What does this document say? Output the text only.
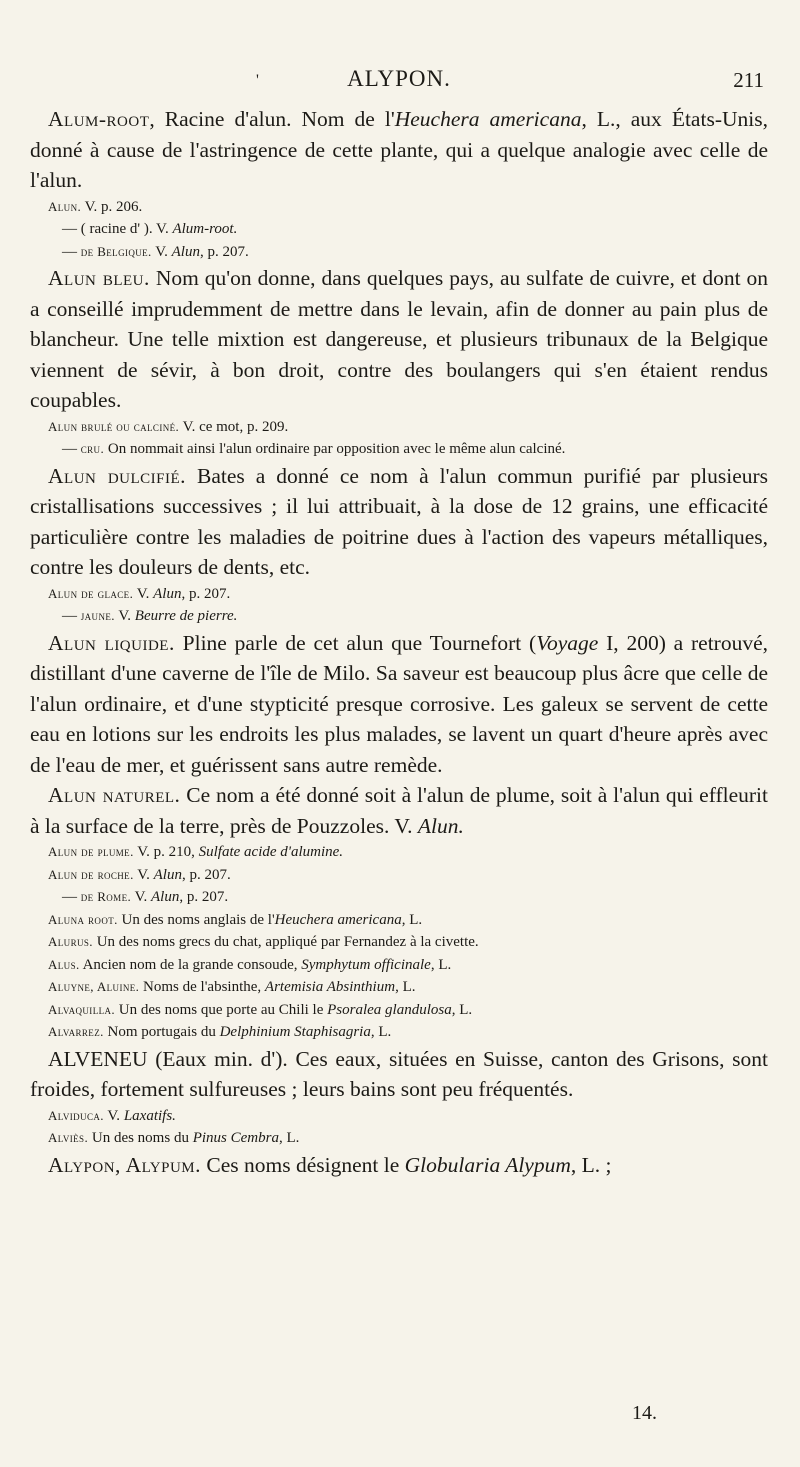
'	ALYPON.	211

Alum-root, Racine d'alun. Nom de l'Heuchera americana, L., aux États-Unis, donné à cause de l'astringence de cette plante, qui a quelque analogie avec celle de l'alun.

Alun. V. p. 206.

— ( racine d' ). V. Alum-root.

— de Belgique. V. Alun, p. 207.

Alun bleu. Nom qu'on donne, dans quelques pays, au sulfate de cuivre, et dont on a conseillé imprudemment de mettre dans le levain, afin de donner au pain plus de blancheur. Une telle mixtion est dangereuse, et plusieurs tribunaux de la Belgique viennent de sévir, à bon droit, contre des boulangers qui s'en étaient rendus coupables.

Alun brulé ou calciné. V. ce mot, p. 209.

— cru. On nommait ainsi l'alun ordinaire par opposition avec le même alun calciné.

Alun dulcifié. Bates a donné ce nom à l'alun commun purifié par plusieurs cristallisations successives ; il lui attribuait, à la dose de 12 grains, une efficacité particulière contre les maladies de poitrine dues à l'action des vapeurs métalliques, contre les douleurs de dents, etc.

Alun de glace. V. Alun, p. 207.

— jaune. V. Beurre de pierre.

Alun liquide. Pline parle de cet alun que Tournefort (Voyage I, 200) a retrouvé, distillant d'une caverne de l'île de Milo. Sa saveur est beaucoup plus âcre que celle de l'alun ordinaire, et d'une stypticité presque corrosive. Les galeux se servent de cette eau en lotions sur les endroits les plus malades, se lavent un quart d'heure après avec de l'eau de mer, et guérissent sans autre remède.

Alun naturel. Ce nom a été donné soit à l'alun de plume, soit à l'alun qui effleurit à la surface de la terre, près de Pouzzoles. V. Alun.

Alun de plume. V. p. 210, Sulfate acide d'alumine.

Alun de roche. V. Alun, p. 207.

— de Rome. V. Alun, p. 207.

Aluna root. Un des noms anglais de l'Heuchera americana, L.

Alurus. Un des noms grecs du chat, appliqué par Fernandez à la civette.

Alus. Ancien nom de la grande consoude, Symphytum officinale, L.

Aluyne, Aluine. Noms de l'absinthe, Artemisia Absinthium, L.

Alvaquilla. Un des noms que porte au Chili le Psoralea glandulosa, L.

Alvarrez. Nom portugais du Delphinium Staphisagria, L.

ALVENEU (Eaux min. d'). Ces eaux, situées en Suisse, canton des Grisons, sont froides, fortement sulfureuses ; leurs bains sont peu fréquentés.

Alviduca. V. Laxatifs.

Alviès. Un des noms du Pinus Cembra, L.

Alypon, Alypum. Ces noms désignent le Globularia Alypum, L. ;

14.
